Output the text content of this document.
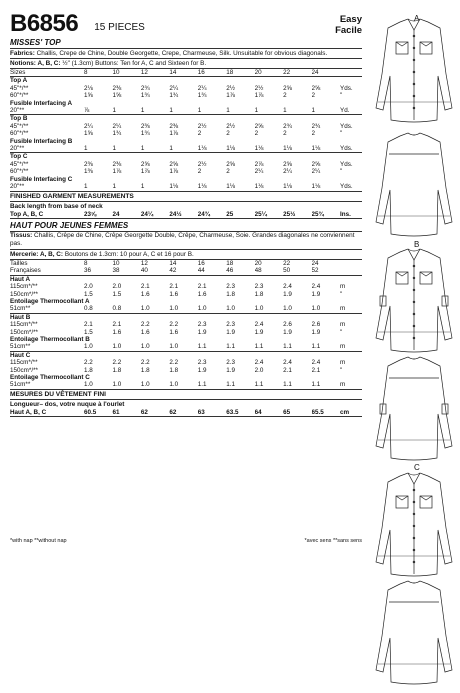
B6856 15 PIECES
Easy
Facile
MISSES' TOP
Fabrics: Challis, Crepe de Chine, Double Georgette, Crepe, Charmeuse, Silk. Unsuitable for obvious diagonals.
Notions: A, B, C: ½" (1.3cm) Buttons: Ten for A, C and Sixteen for B.
Sizes	8	10	12	14	16	18	20	22	24	
Top A										
45"*/**	2⅛	2⅜	2¾	2¼	2¼	2½	2½	2⅝	2⅝	Yds.
60"*/**	1⅝	1⅝	1¾	1¾	1¾	1⅞	1⅞	2	2	"
Fusible Interfacing A										
20"**	⅞	1	1	1	1	1	1	1	1	Yd.
Top B										
45"*/**	2¼	2¼	2⅜	2⅜	2½	2½	2⅝	2¾	2¾	Yds.
60"*/**	1⅝	1¾	1¾	1⅞	2	2	2	2	2	"
Fusible Interfacing B										
20"**	1	1	1	1	1⅛	1⅛	1⅛	1⅛	1⅛	Yds.
Top C										
45"*/**	2⅜	2⅜	2⅝	2⅝	2½	2⅝	2⅞	2⅝	2⅝	Yds.
60"*/**	1⅜	1⅞	1⅞	1⅞	2	2	2¼	2¼	2¼	"
Fusible Interfacing C										
20"**	1	1	1	1⅛	1⅛	1⅛	1⅛	1⅛	1⅛	Yds.
FINISHED GARMENT MEASUREMENTS
Back length from base of neck
Top A, B, C	23⅝	24	24¼	24½	24¾	25	25¼	25½	25¾	Ins.
HAUT POUR JEUNES FEMMES
Tissus: Challis, Crêpe de Chine, Crêpe Georgette Double, Crêpe, Charmeuse, Soie. Grandes diagonales ne conviennent pas.
Mercerie: A, B, C: Boutons de 1.3cm: 10 pour A, C et 16 pour B.
Tailles	8	10	12	14	16	18	20	22	24	
Françaises	36	38	40	42	44	46	48	50	52	
Haut A										
115cm*/**	2.0	2.0	2.1	2.1	2.1	2.3	2.3	2.4	2.4	m
150cm*/**	1.5	1.5	1.6	1.6	1.6	1.8	1.8	1.9	1.9	"
Entoilage Thermocollant A										
51cm**	0.8	0.8	1.0	1.0	1.0	1.0	1.0	1.0	1.0	m
Haut B										
115cm*/**	2.1	2.1	2.2	2.2	2.3	2.3	2.4	2.6	2.6	m
150cm*/**	1.5	1.6	1.6	1.6	1.9	1.9	1.9	1.9	1.9	"
Entoilage Thermocollant B										
51cm**	1.0	1.0	1.0	1.0	1.1	1.1	1.1	1.1	1.1	m
Haut C										
115cm*/**	2.2	2.2	2.2	2.2	2.3	2.3	2.4	2.4	2.4	m
150cm*/**	1.8	1.8	1.8	1.8	1.9	1.9	2.0	2.1	2.1	"
Entoilage Thermocollant C										
51cm**	1.0	1.0	1.0	1.0	1.1	1.1	1.1	1.1	1.1	m
MESURES DU VÊTEMENT FINI
Longueur– dos, votre nuque à l'ourlet
Haut A, B, C	60.5	61	62	62	63	63.5	64	65	65.5	cm
*with nap **without nap	*avec sens **sans sens
A
B
C
